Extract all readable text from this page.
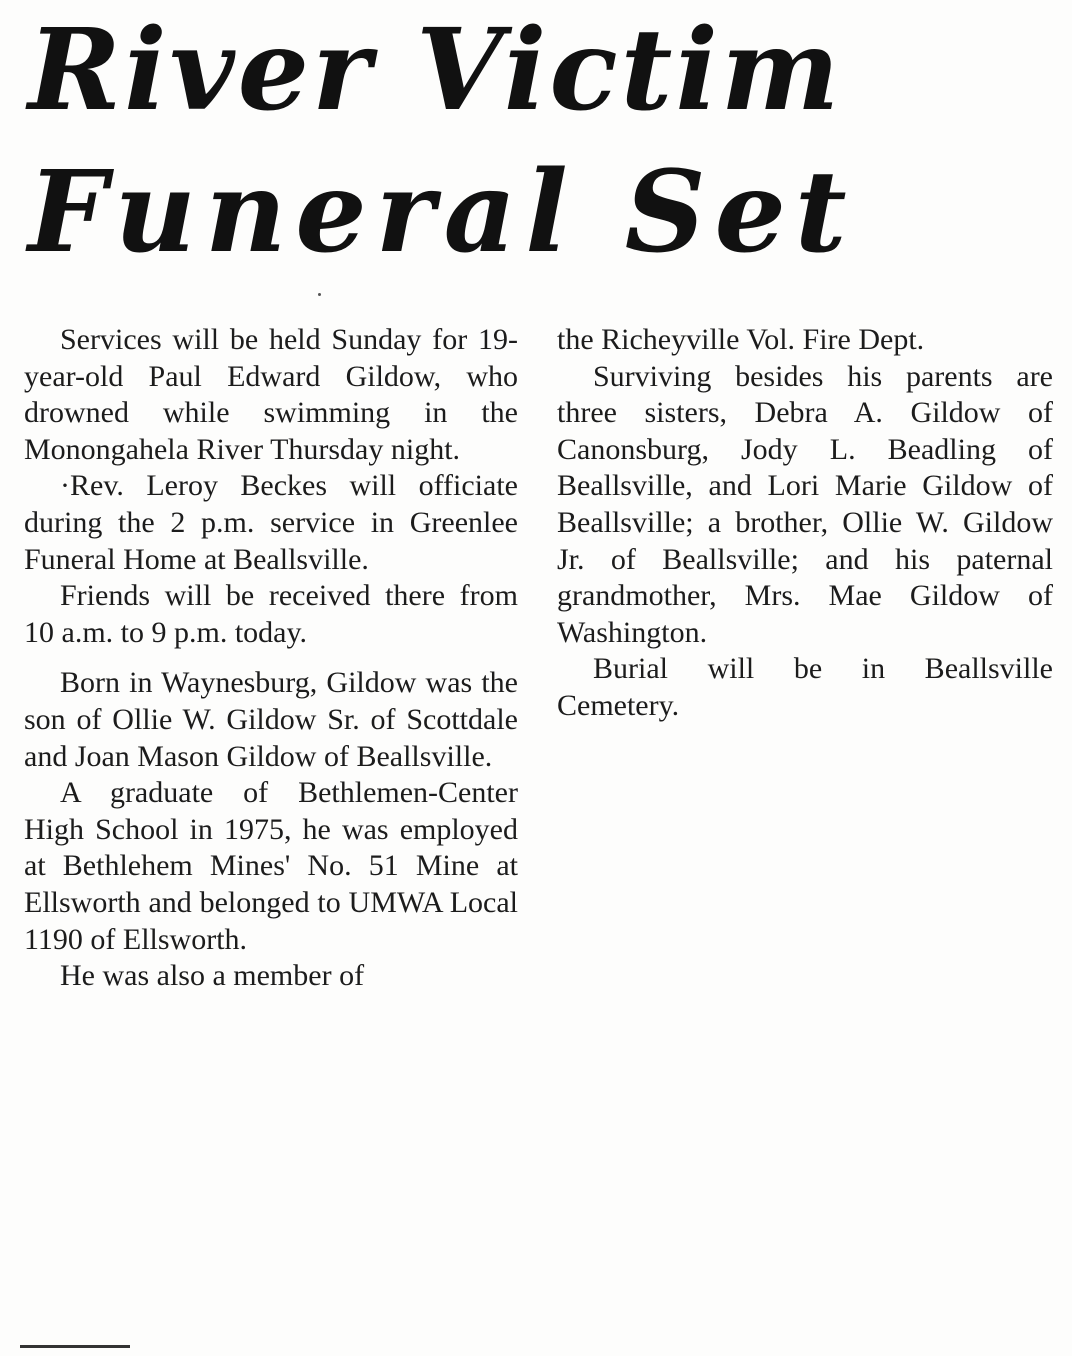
River Victim
Funeral Set

Services will be held Sunday for 19-year-old Paul Edward Gildow, who drowned while swimming in the Monongahela River Thursday night.

·Rev. Leroy Beckes will officiate during the 2 p.m. service in Greenlee Funeral Home at Beallsville.

Friends will be received there from 10 a.m. to 9 p.m. today.

Born in Waynesburg, Gildow was the son of Ollie W. Gildow Sr. of Scottdale and Joan Mason Gildow of Beallsville.

A graduate of Bethlemen-Center High School in 1975, he was employed at Bethlehem Mines' No. 51 Mine at Ellsworth and belonged to UMWA Local 1190 of Ellsworth.

He was also a member of

the Richeyville Vol. Fire Dept.

Surviving besides his parents are three sisters, Debra A. Gildow of Canonsburg, Jody L. Beadling of Beallsville, and Lori Marie Gildow of Beallsville; a brother, Ollie W. Gildow Jr. of Beallsville; and his paternal grandmother, Mrs. Mae Gildow of Washington.

Burial will be in Beallsville Cemetery.
